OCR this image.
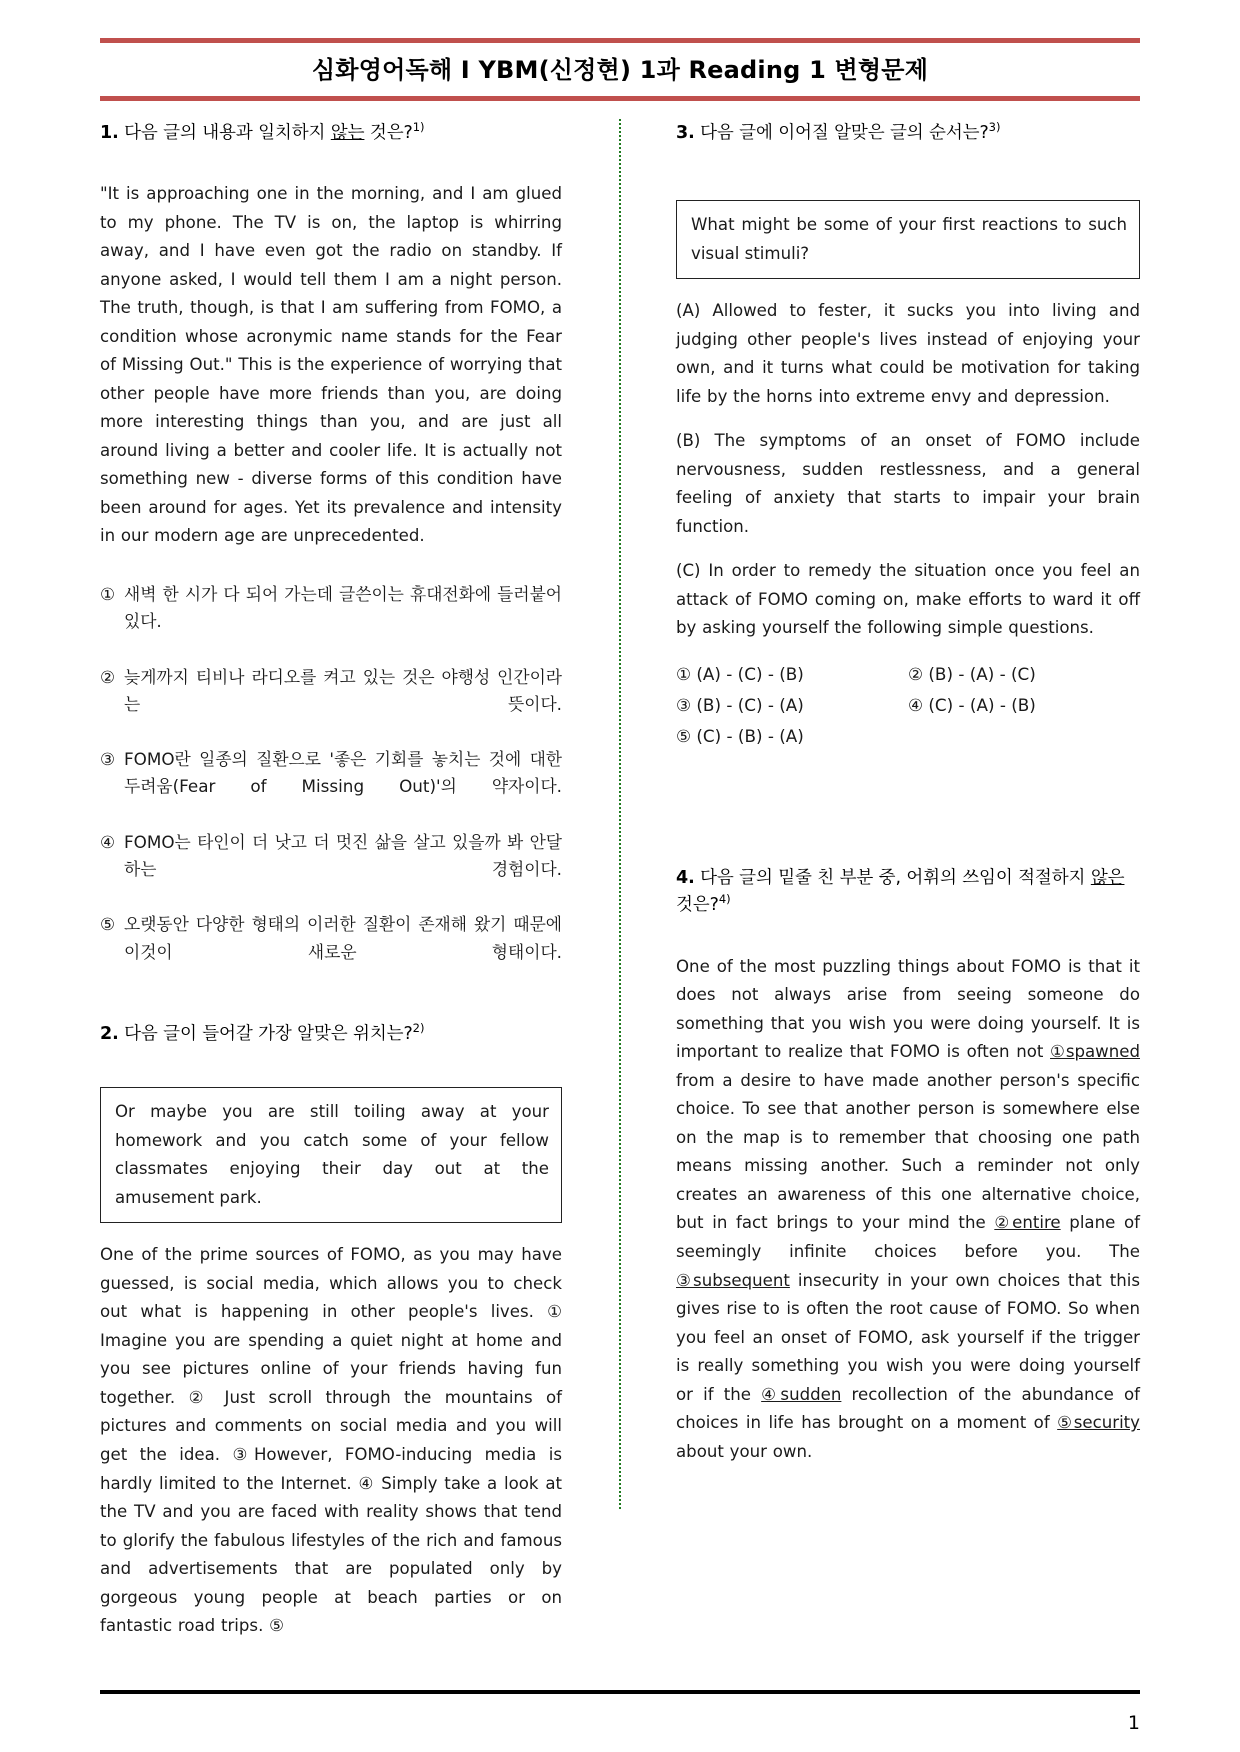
심화영어독해 I YBM(신정현) 1과 Reading 1 변형문제
1. 다음 글의 내용과 일치하지 않는 것은?$^{1)}$

"It is approaching one in the morning, and I am glued to my phone. The TV is on, the laptop is whirring away, and I have even got the radio on standby. If anyone asked, I would tell them I am a night person. The truth, though, is that I am suffering from FOMO, a condition whose acronymic name stands for the Fear of Missing Out." This is the experience of worrying that other people have more friends than you, are doing more interesting things than you, and are just all around living a better and cooler life. It is actually not something new - diverse forms of this condition have been around for ages. Yet its prevalence and intensity in our modern age are unprecedented.

① 새벽 한 시가 다 되어 가는데 글쓴이는 휴대전화에 들러붙어 있다.
② 늦게까지 티비나 라디오를 켜고 있는 것은 야행성 인간이라는 뜻이다.
③ FOMO란 일종의 질환으로 '좋은 기회를 놓치는 것에 대한 두려움(Fear of Missing Out)'의 약자이다.
④ FOMO는 타인이 더 낫고 더 멋진 삶을 살고 있을까 봐 안달하는 경험이다.
⑤ 오랫동안 다양한 형태의 이러한 질환이 존재해 왔기 때문에 이것이 새로운 형태이다.
2. 다음 글이 들어갈 가장 알맞은 위치는?$^{2)}$

Or maybe you are still toiling away at your homework and you catch some of your fellow classmates enjoying their day out at the amusement park.

One of the prime sources of FOMO, as you may have guessed, is social media, which allows you to check out what is happening in other people's lives. ① Imagine you are spending a quiet night at home and you see pictures online of your friends having fun together. ② Just scroll through the mountains of pictures and comments on social media and you will get the idea. ③However, FOMO-inducing media is hardly limited to the Internet. ④ Simply take a look at the TV and you are faced with reality shows that tend to glorify the fabulous lifestyles of the rich and famous and advertisements that are populated only by gorgeous young people at beach parties or on fantastic road trips. ⑤

3. 다음 글에 이어질 알맞은 글의 순서는?$^{3)}$

What might be some of your first reactions to such visual stimuli?

(A) Allowed to fester, it sucks you into living and judging other people's lives instead of enjoying your own, and it turns what could be motivation for taking life by the horns into extreme envy and depression.

(B) The symptoms of an onset of FOMO include nervousness, sudden restlessness, and a general feeling of anxiety that starts to impair your brain function.

(C) In order to remedy the situation once you feel an attack of FOMO coming on, make efforts to ward it off by asking yourself the following simple questions.

① (A) - (C) - (B)	② (B) - (A) - (C)
③ (B) - (C) - (A)	④ (C) - (A) - (B)
⑤ (C) - (B) - (A)
4. 다음 글의 밑줄 친 부분 중, 어휘의 쓰임이 적절하지 않은 것은?$^{4)}$

One of the most puzzling things about FOMO is that it does not always arise from seeing someone do something that you wish you were doing yourself. It is important to realize that FOMO is often not ①spawned from a desire to have made another person's specific choice. To see that another person is somewhere else on the map is to remember that choosing one path means missing another. Such a reminder not only creates an awareness of this one alternative choice, but in fact brings to your mind the ②entire plane of seemingly infinite choices before you. The ③subsequent insecurity in your own choices that this gives rise to is often the root cause of FOMO. So when you feel an onset of FOMO, ask yourself if the trigger is really something you wish you were doing yourself or if the ④sudden recollection of the abundance of choices in life has brought on a moment of ⑤security about your own.

1
